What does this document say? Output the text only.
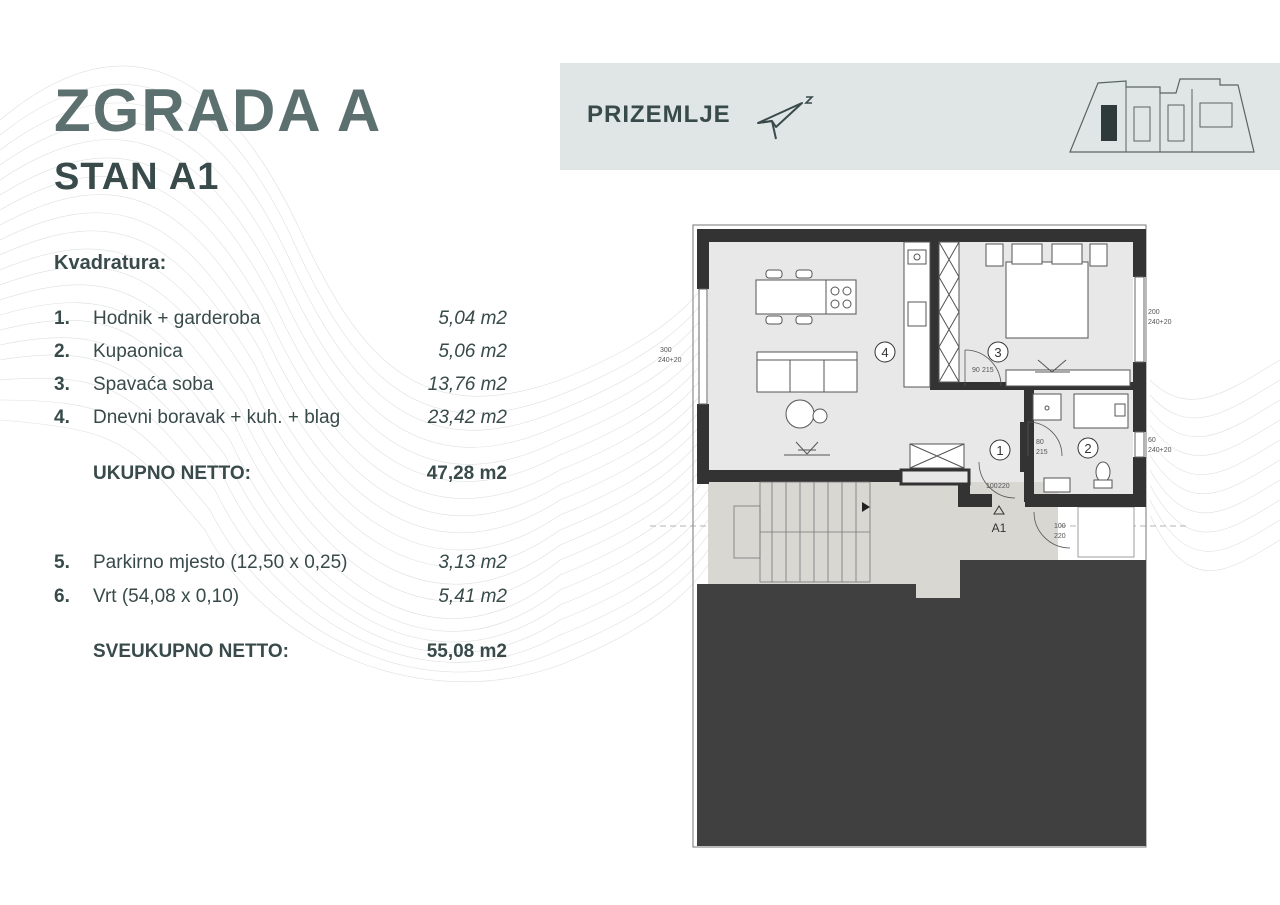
ZGRADA A
STAN A1
Kvadratura:
1. Hodnik + garderoba	5,04 m2
2. Kupaonica	5,06 m2
3. Spavaća soba	13,76 m2
4. Dnevni boravak + kuh. + blag	23,42 m2
UKUPNO NETTO:	47,28 m2
5. Parkirno mjesto (12,50 x 0,25)	3,13 m2
6. Vrt (54,08 x 0,10)	5,41 m2
SVEUKUPNO NETTO:	55,08 m2
PRIZEMLJE
4	3
1	2
A1
300
240+20
200
240+20
60
240+20
90 215
80
215
100 220
100
220
